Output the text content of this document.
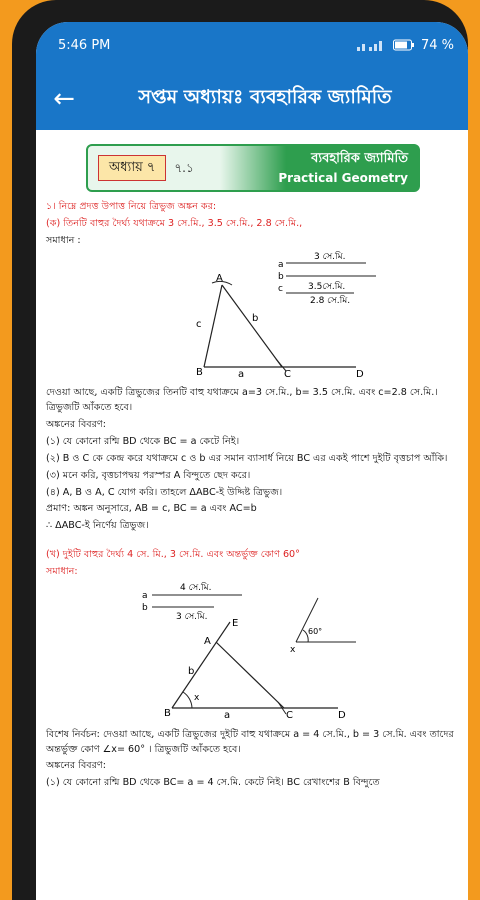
5:46 PM	74 %
←	সপ্তম অধ্যায়ঃ ব্যবহারিক জ্যামিতি
অধ্যায় ৭	৭.১
ব্যবহারিক জ্যামিতি
Practical Geometry
১। নিম্নে প্রদত্ত উপাত্ত নিয়ে ত্রিভুজ অঙ্কন কর:
(ক) তিনটি বাহুর দৈর্ঘ্য যথাক্রমে 3 সে.মি., 3.5 সে.মি., 2.8 সে.মি.,
সমাধান :
A
B	C	D
a
b
c
a
3 সে.মি.
b
3.5সে.মি.
c
2.8 সে.মি.
দেওয়া আছে, একটি ত্রিভুজের তিনটি বাহু যথাক্রমে a=3 সে.মি., b= 3.5 সে.মি. এবং c=2.8 সে.মি.। ত্রিভুজটি আঁকতে হবে।
অঙ্কনের বিবরণ:
(১) যে কোনো রশ্মি BD থেকে BC = a কেটে নিই।
(২) B ও C কে কেন্দ্র করে যথাক্রমে c ও b এর সমান ব্যাসার্ধ নিয়ে BC এর একই পাশে দুইটি বৃত্তচাপ আঁকি।
(৩) মনে করি, বৃত্তচাপদ্বয় পরস্পর A বিন্দুতে ছেদ করে।
(৪) A, B ও A, C যোগ করি। তাহলে ΔABC-ই উদ্দিষ্ট ত্রিভুজ।
প্রমাণ: অঙ্কন অনুসারে, AB = c, BC = a এবং AC=b
∴ ΔABC-ই নির্ণেয় ত্রিভুজ।
(খ) দুইটি বাহুর দৈর্ঘ্য 4 সে. মি., 3 সে.মি. এবং অন্তর্ভুক্ত কোণ 60°
সমাধান:
a
4 সে.মি.
b
3 সে.মি.
x
60°
A
E
B	C	D
a
b
x
বিশেষ নির্বচন: দেওয়া আছে, একটি ত্রিভুজের দুইটি বাহু যথাক্রমে a = 4 সে.মি., b = 3 সে.মি. এবং তাদের অন্তর্ভুক্ত কোণ ∠x= 60° । ত্রিভুজটি আঁকতে হবে।
অঙ্কনের বিবরণ:
(১) যে কোনো রশ্মি BD থেকে BC= a = 4 সে.মি. কেটে নিই। BC রেখাংশের B বিন্দুতে
